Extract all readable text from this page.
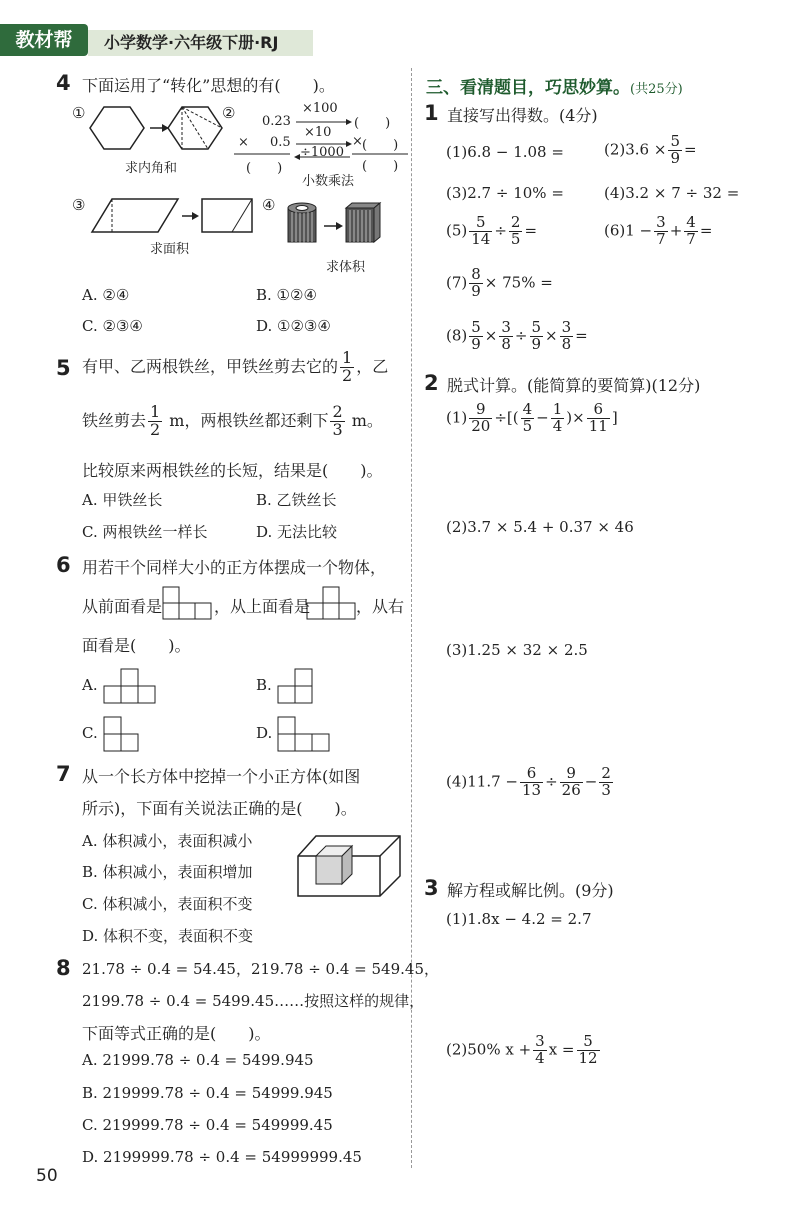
教材帮	小学数学·六年级下册·RJ
4 下面运用了“转化”思想的有(　　)。
①
求内角和
② 0.23
× 0.5
(　　)
×100
×10
÷1000
(　　)
× (　　)
(　　)
小数乘法
③
求面积
④
求体积
A. ②④	B. ①②④
C. ②③④	D. ①②③④
5 有甲、乙两根铁丝，甲铁丝剪去它的 $\frac{1}{2}$ ，乙
铁丝剪去 $\frac{1}{2}$ m，两根铁丝都还剩下 $\frac{2}{3}$ m。
比较原来两根铁丝的长短，结果是(　　)。
A. 甲铁丝长	B. 乙铁丝长
C. 两根铁丝一样长	D. 无法比较
6 用若干个同样大小的正方体摆成一个物体，
从前面看是	，从上面看是	，从右
面看是(　　)。
A.	B.
C.	D.
7 从一个长方体中挖掉一个小正方体(如图
所示)，下面有关说法正确的是(　　)。
A. 体积减小，表面积减小
B. 体积减小，表面积增加
C. 体积减小，表面积不变
D. 体积不变，表面积不变
8 21.78 ÷ 0.4 = 54.45，219.78 ÷ 0.4 = 549.45，
2199.78 ÷ 0.4 = 5499.45……按照这样的规律，
下面等式正确的是(　　)。
A. 21999.78 ÷ 0.4 = 5499.945
B. 219999.78 ÷ 0.4 = 54999.945
C. 219999.78 ÷ 0.4 = 549999.45
D. 2199999.78 ÷ 0.4 = 54999999.45
50
三、看清题目，巧思妙算。(共25分)
1 直接写出得数。(4分)
(1)6.8 − 1.08 =	$(2)3.6 \times \frac{5}{9}$ =
(3)2.7 ÷ 10% =	(4)3.2 × 7 ÷ 32 =
$(5) \frac{5}{14} \div \frac{2}{5}$ =	$(6)1 - \frac{3}{7} + \frac{4}{7}$ =
$(7) \frac{8}{9} \times 75\%$ =
$(8) \frac{5}{9} \times \frac{3}{8} \div \frac{5}{9} \times \frac{3}{8}$ =
2 脱式计算。(能简算的要简算)(12分)
$(1) \frac{9}{20}$ ÷[( $\frac{4}{5} - \frac{1}{4}$ )× $\frac{6}{11}$ ]
(2)3.7 × 5.4 + 0.37 × 46
(3)1.25 × 32 × 2.5
$(4)11.7 - \frac{6}{13} \div \frac{9}{26} - \frac{2}{3}$
3 解方程或解比例。(9分)
(1)1.8x − 4.2 = 2.7
(2)50% $x + \frac{3}{4}$ $x = \frac{5}{12}$
